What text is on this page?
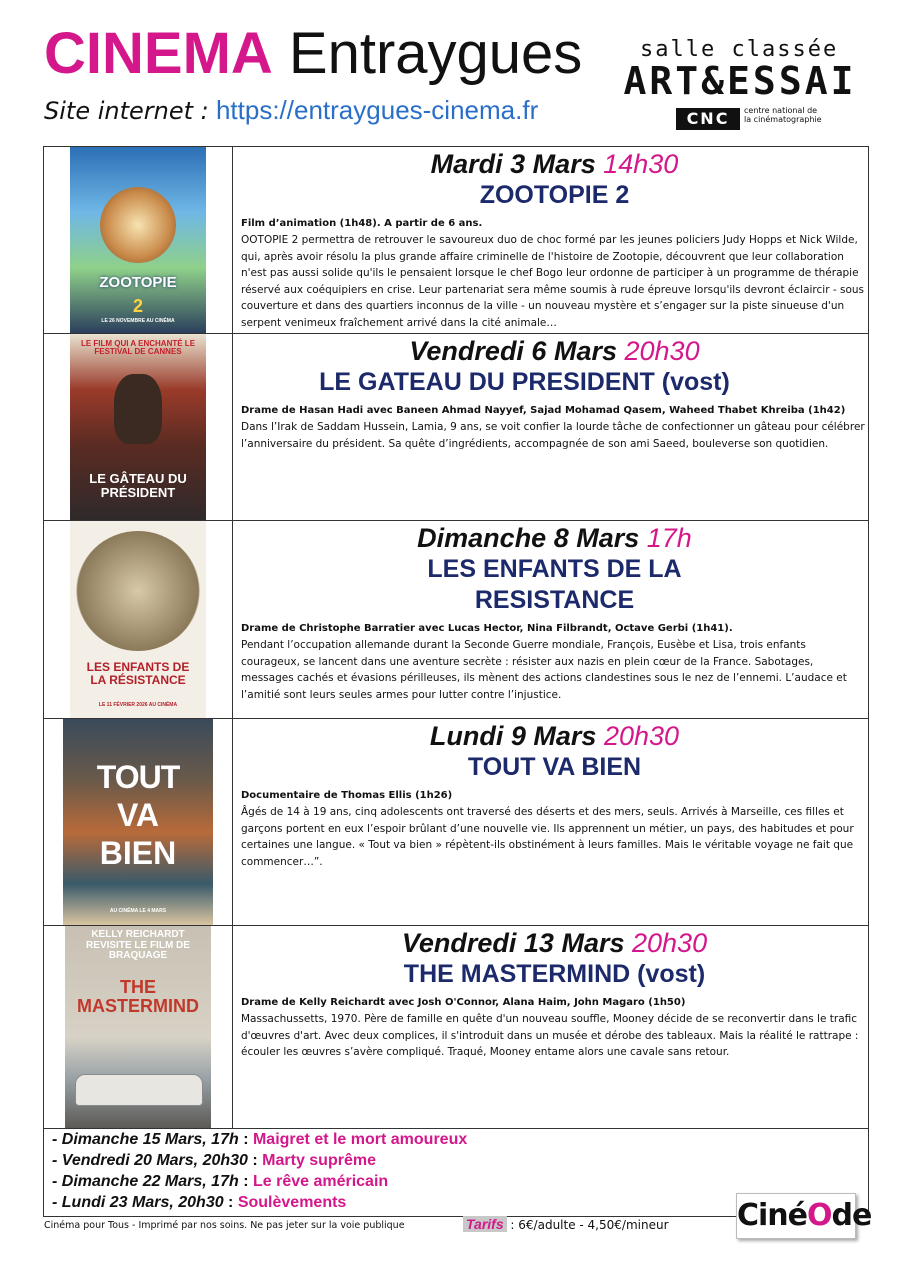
CINEMA Entraygues
Site internet : https://entraygues-cinema.fr
salle classée
ART&ESSAI
CNC	centre national de la cinématographie
ZOOTOPIE
2
LE 26 NOVEMBRE AU CINÉMA
Mardi 3 Mars 14h30
ZOOTOPIE 2
Film d’animation (1h48). A partir de 6 ans.
OOTOPIE 2 permettra de retrouver le savoureux duo de choc formé par les jeunes policiers Judy Hopps et Nick Wilde, qui, après avoir résolu la plus grande affaire criminelle de l'histoire de Zootopie, découvrent que leur collaboration n'est pas aussi solide qu'ils le pensaient lorsque le chef Bogo leur ordonne de participer à un programme de thérapie réservé aux coéquipiers en crise. Leur partenariat sera même soumis à rude épreuve lorsqu'ils devront éclaircir - sous couverture et dans des quartiers inconnus de la ville - un nouveau mystère et s’engager sur la piste sinueuse d'un serpent venimeux fraîchement arrivé dans la cité animale…
LE FILM QUI A ENCHANTÉ LE FESTIVAL DE CANNES
LE GÂTEAU DU PRÉSIDENT
Vendredi 6 Mars 20h30
LE GATEAU DU PRESIDENT (vost)
Drame de Hasan Hadi avec Baneen Ahmad Nayyef, Sajad Mohamad Qasem, Waheed Thabet Khreiba (1h42)
Dans l’Irak de Saddam Hussein, Lamia, 9 ans, se voit confier la lourde tâche de confectionner un gâteau pour célébrer l’anniversaire du président. Sa quête d’ingrédients, accompagnée de son ami Saeed, bouleverse son quotidien.
LES ENFANTS DE LA RÉSISTANCE
LE 11 FÉVRIER 2026 AU CINÉMA
Dimanche 8 Mars 17h
LES ENFANTS DE LA RESISTANCE
Drame de Christophe Barratier avec Lucas Hector, Nina Filbrandt, Octave Gerbi (1h41).
Pendant l’occupation allemande durant la Seconde Guerre mondiale, François, Eusèbe et Lisa, trois enfants courageux, se lancent dans une aventure secrète : résister aux nazis en plein cœur de la France. Sabotages, messages cachés et évasions périlleuses, ils mènent des actions clandestines sous le nez de l’ennemi. L’audace et l’amitié sont leurs seules armes pour lutter contre l’injustice.
TOUT
VA
BIEN
AU CINÉMA LE 4 MARS
Lundi 9 Mars 20h30
TOUT VA BIEN
Documentaire de Thomas Ellis (1h26)
Âgés de 14 à 19 ans, cinq adolescents ont traversé des déserts et des mers, seuls. Arrivés à Marseille, ces filles et garçons portent en eux l’espoir brûlant d’une nouvelle vie. Ils apprennent un métier, un pays, des habitudes et pour certaines une langue. « Tout va bien » répètent-ils obstinément à leurs familles. Mais le véritable voyage ne fait que commencer…”.
KELLY REICHARDT REVISITE LE FILM DE BRAQUAGE
THE MASTERMIND
Vendredi 13 Mars 20h30
THE MASTERMIND (vost)
Drame de Kelly Reichardt avec Josh O'Connor, Alana Haim, John Magaro (1h50)
Massachussetts, 1970. Père de famille en quête d'un nouveau souffle, Mooney décide de se reconvertir dans le trafic d'œuvres d'art. Avec deux complices, il s'introduit dans un musée et dérobe des tableaux. Mais la réalité le rattrape : écouler les œuvres s’avère compliqué. Traqué, Mooney entame alors une cavale sans retour.
- Dimanche 15 Mars, 17h : Maigret et le mort amoureux
- Vendredi 20 Mars, 20h30 : Marty suprême
- Dimanche 22 Mars, 17h : Le rêve américain
- Lundi 23 Mars, 20h30 : Soulèvements
Cinéma pour Tous - Imprimé par nos soins. Ne pas jeter sur la voie publique	Tarifs : 6€/adulte - 4,50€/mineur CinéOde
